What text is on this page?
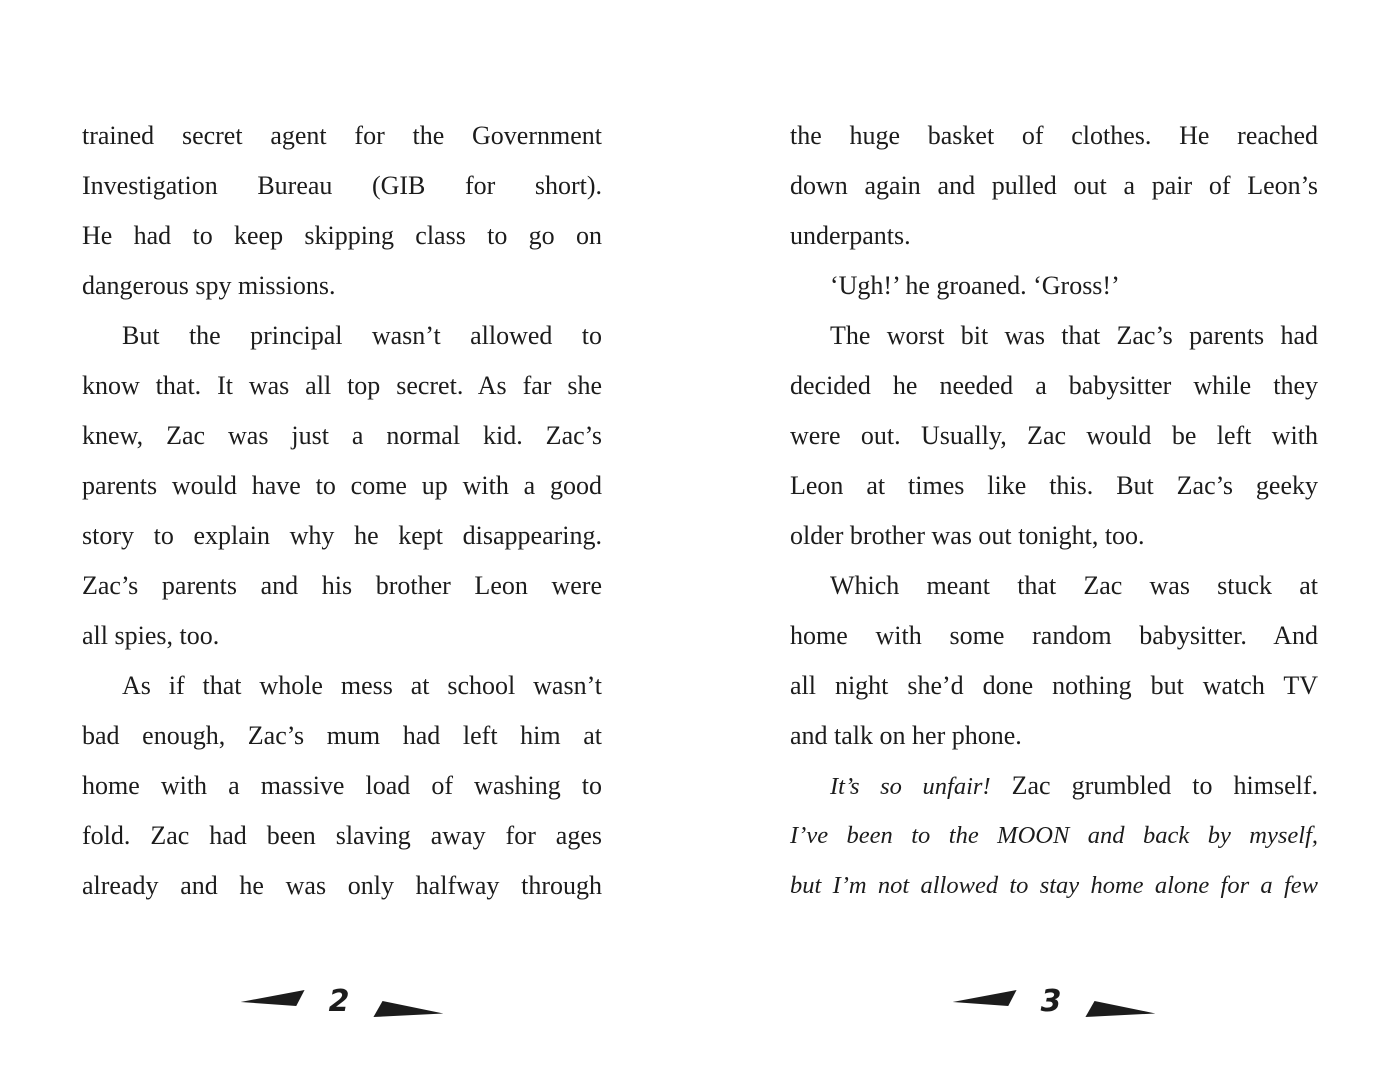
trained secret agent for the Government
Investigation Bureau (GIB for short).
He had to keep skipping class to go on
dangerous spy missions.
But the principal wasn’t allowed to
know that. It was all top secret. As far she
knew, Zac was just a normal kid. Zac’s
parents would have to come up with a good
story to explain why he kept disappearing.
Zac’s parents and his brother Leon were
all spies, too.
As if that whole mess at school wasn’t
bad enough, Zac’s mum had left him at
home with a massive load of washing to
fold. Zac had been slaving away for ages
already and he was only halfway through
the huge basket of clothes. He reached
down again and pulled out a pair of Leon’s
underpants.
‘Ugh!’ he groaned. ‘Gross!’
The worst bit was that Zac’s parents had
decided he needed a babysitter while they
were out. Usually, Zac would be left with
Leon at times like this. But Zac’s geeky
older brother was out tonight, too.
Which meant that Zac was stuck at
home with some random babysitter. And
all night she’d done nothing but watch TV
and talk on her phone.
It’s so unfair! Zac grumbled to himself.
I’ve been to the MOON and back by myself,
but I’m not allowed to stay home alone for a few
2	3
